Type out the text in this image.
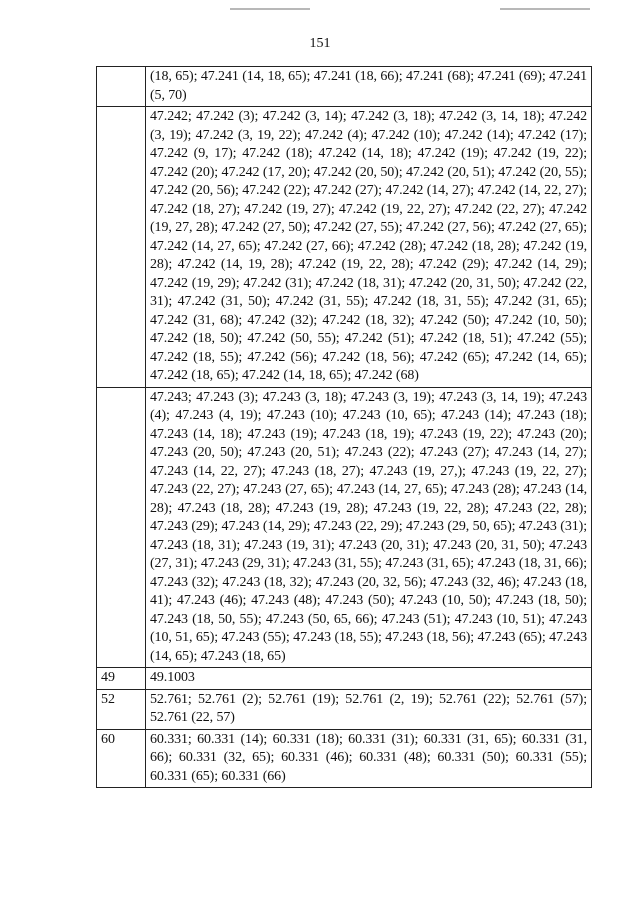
151
	(18, 65); 47.241 (14, 18, 65); 47.241 (18, 66); 47.241 (68); 47.241 (69); 47.241 (5, 70)
	47.242; 47.242 (3); 47.242 (3, 14); 47.242 (3, 18); 47.242 (3, 14, 18); 47.242 (3, 19); 47.242 (3, 19, 22); 47.242 (4); 47.242 (10); 47.242 (14); 47.242 (17); 47.242 (9, 17); 47.242 (18); 47.242 (14, 18); 47.242 (19); 47.242 (19, 22); 47.242 (20); 47.242 (17, 20); 47.242 (20, 50); 47.242 (20, 51); 47.242 (20, 55); 47.242 (20, 56); 47.242 (22); 47.242 (27); 47.242 (14, 27); 47.242 (14, 22, 27); 47.242 (18, 27); 47.242 (19, 27); 47.242 (19, 22, 27); 47.242 (22, 27); 47.242 (19, 27, 28); 47.242 (27, 50); 47.242 (27, 55); 47.242 (27, 56); 47.242 (27, 65); 47.242 (14, 27, 65); 47.242 (27, 66); 47.242 (28); 47.242 (18, 28); 47.242 (19, 28); 47.242 (14, 19, 28); 47.242 (19, 22, 28); 47.242 (29); 47.242 (14, 29); 47.242 (19, 29); 47.242 (31); 47.242 (18, 31); 47.242 (20, 31, 50); 47.242 (22, 31); 47.242 (31, 50); 47.242 (31, 55); 47.242 (18, 31, 55); 47.242 (31, 65); 47.242 (31, 68); 47.242 (32); 47.242 (18, 32); 47.242 (50); 47.242 (10, 50); 47.242 (18, 50); 47.242 (50, 55); 47.242 (51); 47.242 (18, 51); 47.242 (55); 47.242 (18, 55); 47.242 (56); 47.242 (18, 56); 47.242 (65); 47.242 (14, 65); 47.242 (18, 65); 47.242 (14, 18, 65); 47.242 (68)
	47.243; 47.243 (3); 47.243 (3, 18); 47.243 (3, 19); 47.243 (3, 14, 19); 47.243 (4); 47.243 (4, 19); 47.243 (10); 47.243 (10, 65); 47.243 (14); 47.243 (18); 47.243 (14, 18); 47.243 (19); 47.243 (18, 19); 47.243 (19, 22); 47.243 (20); 47.243 (20, 50); 47.243 (20, 51); 47.243 (22); 47.243 (27); 47.243 (14, 27); 47.243 (14, 22, 27); 47.243 (18, 27); 47.243 (19, 27,); 47.243 (19, 22, 27); 47.243 (22, 27); 47.243 (27, 65); 47.243 (14, 27, 65); 47.243 (28); 47.243 (14, 28); 47.243 (18, 28); 47.243 (19, 28); 47.243 (19, 22, 28); 47.243 (22, 28); 47.243 (29); 47.243 (14, 29); 47.243 (22, 29); 47.243 (29, 50, 65); 47.243 (31); 47.243 (18, 31); 47.243 (19, 31); 47.243 (20, 31); 47.243 (20, 31, 50); 47.243 (27, 31); 47.243 (29, 31); 47.243 (31, 55); 47.243 (31, 65); 47.243 (18, 31, 66); 47.243 (32); 47.243 (18, 32); 47.243 (20, 32, 56); 47.243 (32, 46); 47.243 (18, 41); 47.243 (46); 47.243 (48); 47.243 (50); 47.243 (10, 50); 47.243 (18, 50); 47.243 (18, 50, 55); 47.243 (50, 65, 66); 47.243 (51); 47.243 (10, 51); 47.243 (10, 51, 65); 47.243 (55); 47.243 (18, 55); 47.243 (18, 56); 47.243 (65); 47.243 (14, 65); 47.243 (18, 65)
49	49.1003
52	52.761; 52.761 (2); 52.761 (19); 52.761 (2, 19); 52.761 (22); 52.761 (57); 52.761 (22, 57)
60	60.331; 60.331 (14); 60.331 (18); 60.331 (31); 60.331 (31, 65); 60.331 (31, 66); 60.331 (32, 65); 60.331 (46); 60.331 (48); 60.331 (50); 60.331 (55); 60.331 (65); 60.331 (66)
